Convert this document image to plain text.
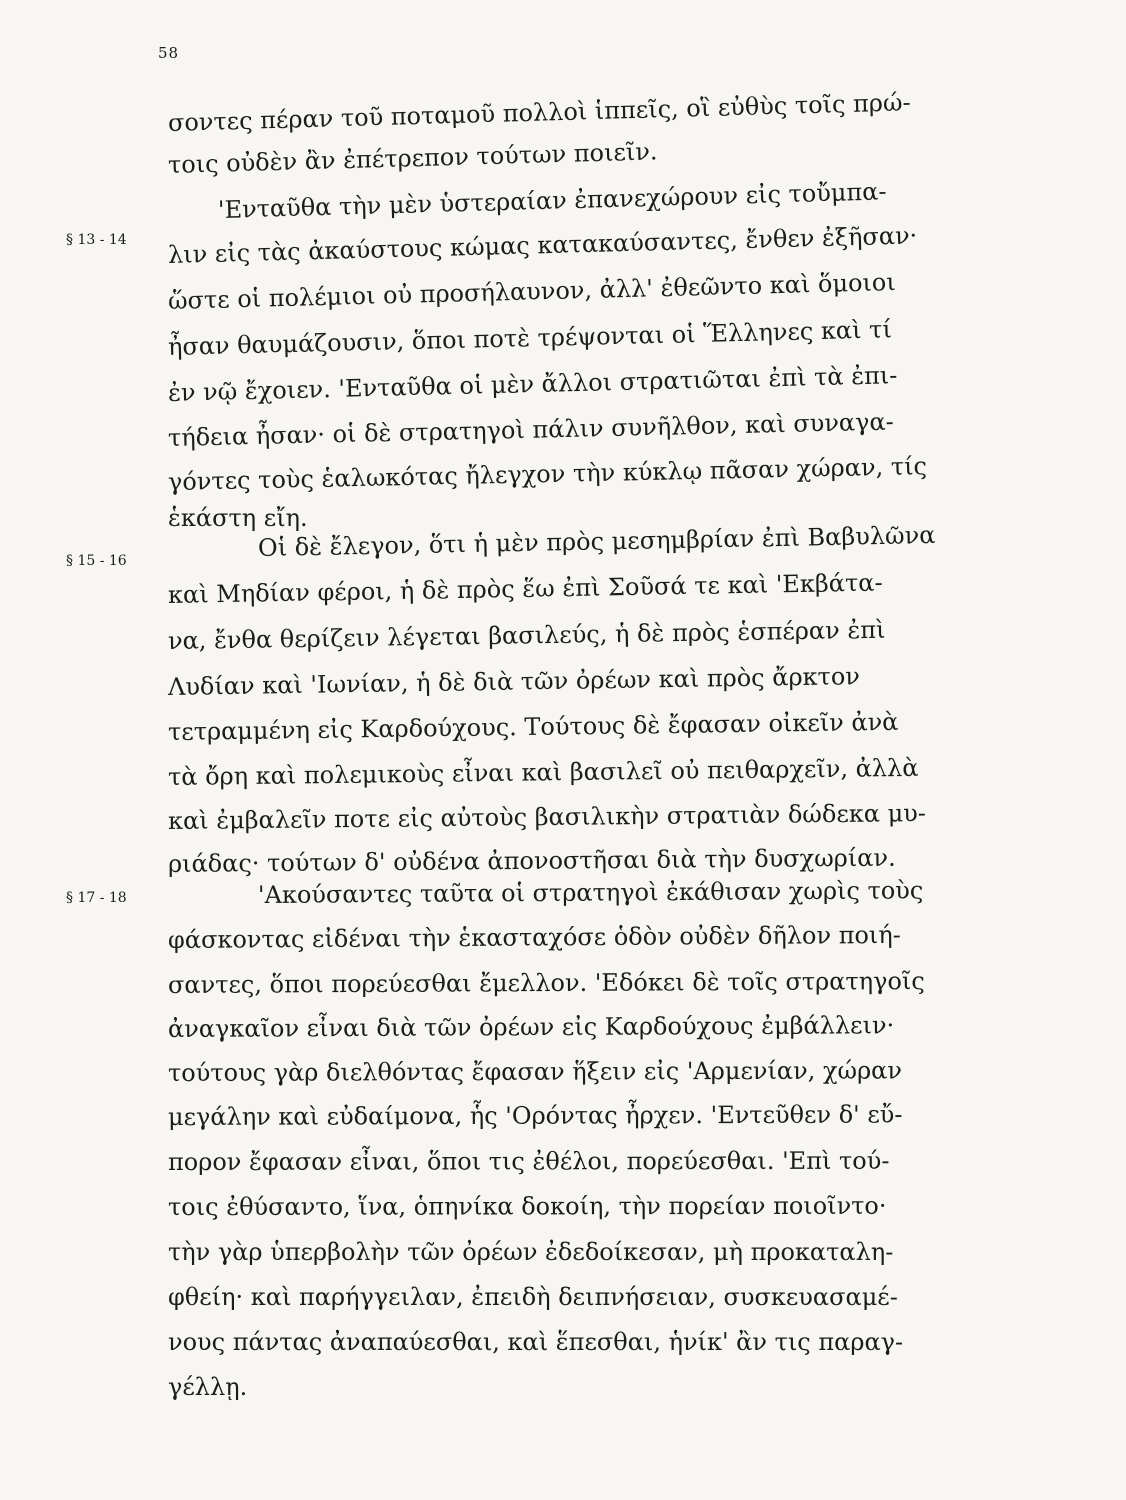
58
§ 13 - 14
§ 15 - 16
§ 17 - 18
σοντες πέραν τοῦ ποταμοῦ πολλοὶ ἱππεῖς, οἳ εὐθὺς τοῖς πρώ-
τοις οὐδὲν ἂν ἐπέτρεπον τούτων ποιεῖν.
'Ενταῦθα τὴν μὲν ὑστεραίαν ἐπανεχώρουν εἰς τοὔμπα-
λιν εἰς τὰς ἀκαύστους κώμας κατακαύσαντες, ἔνθεν ἐξῆσαν·
ὥστε οἱ πολέμιοι οὐ προσήλαυνον, ἀλλ' ἐθεῶντο καὶ ὅμοιοι
ἦσαν θαυμάζουσιν, ὅποι ποτὲ τρέψονται οἱ Ἕλληνες καὶ τί
ἐν νῷ ἔχοιεν. 'Ενταῦθα οἱ μὲν ἄλλοι στρατιῶται ἐπὶ τὰ ἐπι-
τήδεια ἦσαν· οἱ δὲ στρατηγοὶ πάλιν συνῆλθον, καὶ συναγα-
γόντες τοὺς ἑαλωκότας ἤλεγχον τὴν κύκλῳ πᾶσαν χώραν, τίς
ἑκάστη εἴη.
Οἱ δὲ ἔλεγον, ὅτι ἡ μὲν πρὸς μεσημβρίαν ἐπὶ Βαβυλῶνα
καὶ Μηδίαν φέροι, ἡ δὲ πρὸς ἕω ἐπὶ Σοῦσά τε καὶ 'Εκβάτα-
να, ἔνθα θερίζειν λέγεται βασιλεύς, ἡ δὲ πρὸς ἑσπέραν ἐπὶ
Λυδίαν καὶ 'Ιωνίαν, ἡ δὲ διὰ τῶν ὀρέων καὶ πρὸς ἄρκτον
τετραμμένη εἰς Καρδούχους. Τούτους δὲ ἔφασαν οἰκεῖν ἀνὰ
τὰ ὄρη καὶ πολεμικοὺς εἶναι καὶ βασιλεῖ οὐ πειθαρχεῖν, ἀλλὰ
καὶ ἐμβαλεῖν ποτε εἰς αὐτοὺς βασιλικὴν στρατιὰν δώδεκα μυ-
ριάδας· τούτων δ' οὐδένα ἀπονοστῆσαι διὰ τὴν δυσχωρίαν.
'Ακούσαντες ταῦτα οἱ στρατηγοὶ ἐκάθισαν χωρὶς τοὺς
φάσκοντας εἰδέναι τὴν ἑκασταχόσε ὁδὸν οὐδὲν δῆλον ποιή-
σαντες, ὅποι πορεύεσθαι ἔμελλον. 'Εδόκει δὲ τοῖς στρατηγοῖς
ἀναγκαῖον εἶναι διὰ τῶν ὀρέων εἰς Καρδούχους ἐμβάλλειν·
τούτους γὰρ διελθόντας ἔφασαν ἥξειν εἰς 'Αρμενίαν, χώραν
μεγάλην καὶ εὐδαίμονα, ἧς 'Ορόντας ἦρχεν. 'Εντεῦθεν δ' εὔ-
πορον ἔφασαν εἶναι, ὅποι τις ἐθέλοι, πορεύεσθαι. 'Επὶ τού-
τοις ἐθύσαντο, ἵνα, ὁπηνίκα δοκοίη, τὴν πορείαν ποιοῖντο·
τὴν γὰρ ὑπερβολὴν τῶν ὀρέων ἐδεδοίκεσαν, μὴ προκαταλη-
φθείη· καὶ παρήγγειλαν, ἐπειδὴ δειπνήσειαν, συσκευασαμέ-
νους πάντας ἀναπαύεσθαι, καὶ ἕπεσθαι, ἡνίκ' ἂν τις παραγ-
γέλλῃ.
